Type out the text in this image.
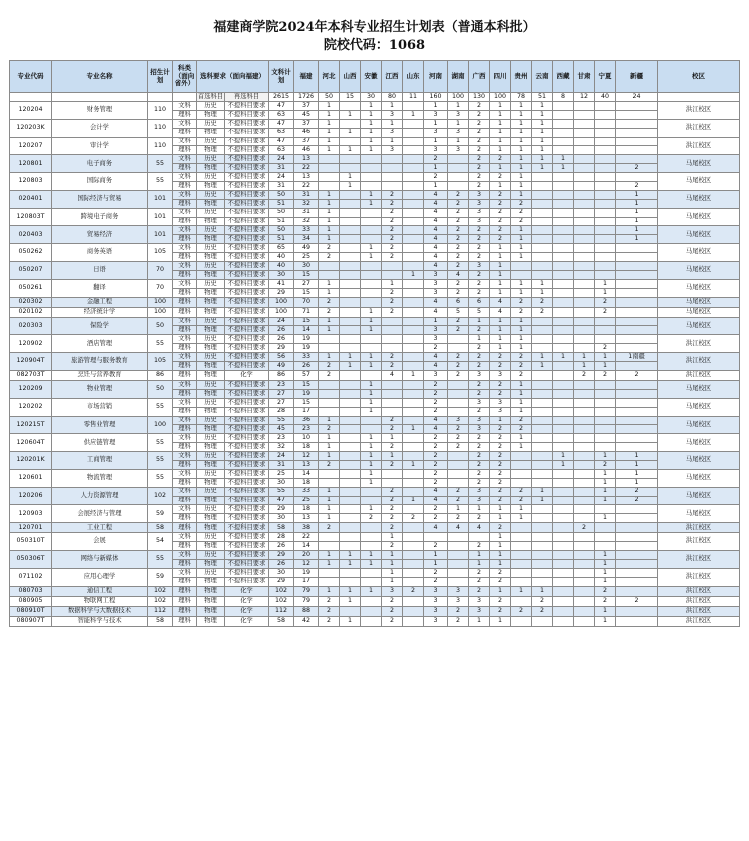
福建商学院2024年本科专业招生计划表（普通本科批）
院校代码：1068
专业代码	专业名称	招生计划	科类（面向省外）	选科要求（面向福建）		文科计划	福建	河北	山西	安徽	江西	山东	河南	湖南	广西	四川	贵州	云南	西藏	甘肃	宁夏	新疆	校区
				首选科目	再选科目	2615	1726	50	15	30	80	11	160	100	130	100	78	51	8	12	40	24	
120204	财务管理	110	文科	历史	不提科目要求	47	37	1		1	1		1	1	2	1	1	1					洪江校区
			理科	物理	不提科目要求	63	45	1	1	1	3	1	3	3	2	1	1	1					
120203K	会计学	110	文科	历史	不提科目要求	47	37	1		1	1		1	1	2	1	1	1					洪江校区
			理科	物理	不提科目要求	63	46	1	1	1	3		3	3	2	1	1	1					
120207	审计学	110	文科	历史	不提科目要求	47	37	1		1	1		1	1	2	1	1	1					洪江校区
			理科	物理	不提科目要求	63	46	1	1	1	3		3	3	2	1	1	1					
120801	电子商务	55	文科	历史	不提科目要求	24	13						2		2	2	1	1	1				马尾校区
			理科	物理	不提科目要求	31	22						1		2	1	1	1	1			2	
120803	国际商务	55	文科	历史	不提科目要求	24	13		1				2		2	2	1						马尾校区
			理科	物理	不提科目要求	31	22		1				1		2	1	1					2	
020401	国际经济与贸易	101	文科	历史	不提科目要求	50	31	1		1	2		4	2	3	2	1					1	马尾校区
			理科	物理	不提科目要求	51	32	1		1	2		4	2	3	2	2					1	
120803T	跨境电子商务	101	文科	历史	不提科目要求	50	31	1			2		4	2	3	2	2					1	马尾校区
			理科	物理	不提科目要求	51	32	1			2		4	2	3	2	2					1	
020403	贸易经济	101	文科	历史	不提科目要求	50	33	1			2		4	2	2	2	1					1	马尾校区
			理科	物理	不提科目要求	51	34	1			2		4	2	2	2	1					1	
050262	商务英语	105	文科	历史	不提科目要求	65	49	2		1	2		4	2	2	1	1						马尾校区
			理科	物理	不提科目要求	40	25	2		1	2		4	2	2	1	1						
050207	日语	70	文科	历史	不提科目要求	40	30						4	2	3	1							马尾校区
			理科	物理	不提科目要求	30	15					1	3	4	2	1							
050261	翻译	70	文科	历史	不提科目要求	41	27	1			1		3	2	2	1	1	1			1		马尾校区
			理科	物理	不提科目要求	29	15	1			2		3	2	2	1	1	1			1		
020302	金融工程	100	理科	物理	不提科目要求	100	70	2			2		4	6	6	4	2	2			2		马尾校区
020102	经济统计学	100	理科	物理	不提科目要求	100	71	2		1	2		4	5	5	4	2	2			2		马尾校区
020303	保险学	50	文科	历史	不提科目要求	24	15	1		1			1	2	1	1	1						马尾校区
			理科	物理	不提科目要求	26	14	1		1			3	2	2	1	1						
120902	酒店管理	55	文科	历史	不提科目要求	26	19						3		1	1	1						洪江校区
			理科	物理	不提科目要求	29	19						2		2	1	1				2		
120904T	旅游管理与服务教育	105	文科	历史	不提科目要求	56	33	1	1	1	2		4	2	2	2	2	1	1	1	1	1南疆	洪江校区
			理科	物理	不提科目要求	49	26	2	1	1	2		4	2	2	2	2	1		1	1		
082703T	烹饪与营养教育	86	理科	物理	化学	86	57	2			4	1	3	2	3	3	2			2	2	2	洪江校区
120209	物业管理	50	文科	历史	不提科目要求	23	15			1			2		2	2	1						马尾校区
			理科	物理	不提科目要求	27	19			1			2		2	2	1						
120202	市场营销	55	文科	历史	不提科目要求	27	15			1			2		3	3	1						马尾校区
			理科	物理	不提科目要求	28	17			1			2		2	3	1						
120215T	零售业管理	100	文科	历史	不提科目要求	55	36	1			2		4	3	3	1	2						马尾校区
			理科	物理	不提科目要求	45	23	2			2	1	4	2	3	2	2						
120604T	供应链管理	55	文科	历史	不提科目要求	23	10	1		1	1		2	2	2	2	1						马尾校区
			理科	物理	不提科目要求	32	18	1		1	2		2	2	2	2	1						
120201K	工商管理	55	文科	历史	不提科目要求	24	12	1		1	1		2		2	2			1		1	1	马尾校区
			理科	物理	不提科目要求	31	13	2		1	2	1	2		2	2			1		2	1	
120601	物流管理	55	文科	历史	不提科目要求	25	14			1			2		2	2					1	1	马尾校区
			理科	物理	不提科目要求	30	18			1			2		2	2					1	1	
120206	人力资源管理	102	文科	历史	不提科目要求	55	33	1			2		4	2	3	2	2	1			1	2	马尾校区
			理科	物理	不提科目要求	47	25	1			2	1	4	2	3	2	2	1			1	2	
120903	会展经济与管理	59	文科	历史	不提科目要求	29	18	1		1	2		2	1	1	1	1						马尾校区
			理科	物理	不提科目要求	30	13	1		2	2	2	2	2	2	1	1				1		
120701	工业工程	58	理科	物理	不提科目要求	58	38	2			2		4	4	4	2				2			洪江校区
050310T	会展	54	文科	历史	不提科目要求	28	22				1					1							洪江校区
			理科	物理	不提科目要求	26	14				2		2		2	1							
050306T	网络与新媒体	55	文科	历史	不提科目要求	29	20	1	1	1	1		1		1	1					1		洪江校区
			理科	物理	不提科目要求	26	12	1	1	1	1		1		1	1					1		
071102	应用心理学	59	文科	历史	不提科目要求	30	19				1		2		2	2					1		洪江校区
			理科	物理	不提科目要求	29	17				1		2		2	2					1		
080703	通信工程	102	理科	物理	化学	102	79	1	1	1	3	2	3	3	2	1	1	1			2		洪江校区
080905	物联网工程	102	理科	物理	化学	102	79	2	1		2		3	3	3	2		2			2	2	洪江校区
080910T	数据科学与大数据技术	112	理科	物理	化学	112	88	2			2		3	2	3	2	2	2			1		洪江校区
080907T	智能科学与技术	58	理科	物理	化学	58	42	2	1		2		3	2	1	1					1		洪江校区
